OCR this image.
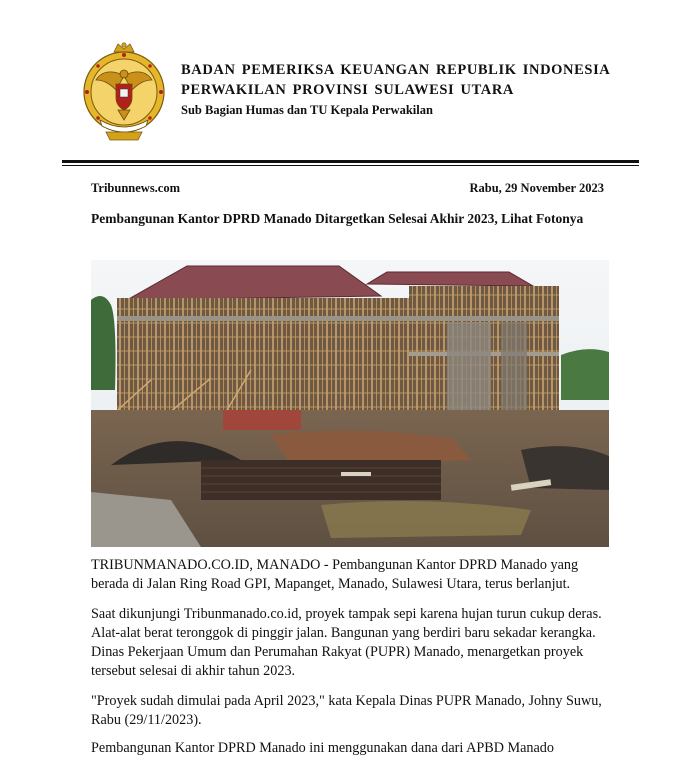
BADAN PEMERIKSA KEUANGAN REPUBLIK INDONESIA
PERWAKILAN PROVINSI SULAWESI UTARA
Sub Bagian Humas dan TU Kepala Perwakilan
Tribunnews.com	Rabu, 29 November 2023
Pembangunan Kantor DPRD Manado Ditargetkan Selesai Akhir 2023, Lihat Fotonya

TRIBUNMANADO.CO.ID, MANADO - Pembangunan Kantor DPRD Manado yang berada di Jalan Ring Road GPI, Mapanget, Manado, Sulawesi Utara, terus berlanjut.

Saat dikunjungi Tribunmanado.co.id, proyek tampak sepi karena hujan turun cukup deras. Alat-alat berat teronggok di pinggir jalan. Bangunan yang berdiri baru sekadar kerangka. Dinas Pekerjaan Umum dan Perumahan Rakyat (PUPR) Manado, menargetkan proyek tersebut selesai di akhir tahun 2023.

"Proyek sudah dimulai pada April 2023," kata Kepala Dinas PUPR Manado, Johny Suwu, Rabu (29/11/2023).

Pembangunan Kantor DPRD Manado ini menggunakan dana dari APBD Manado
